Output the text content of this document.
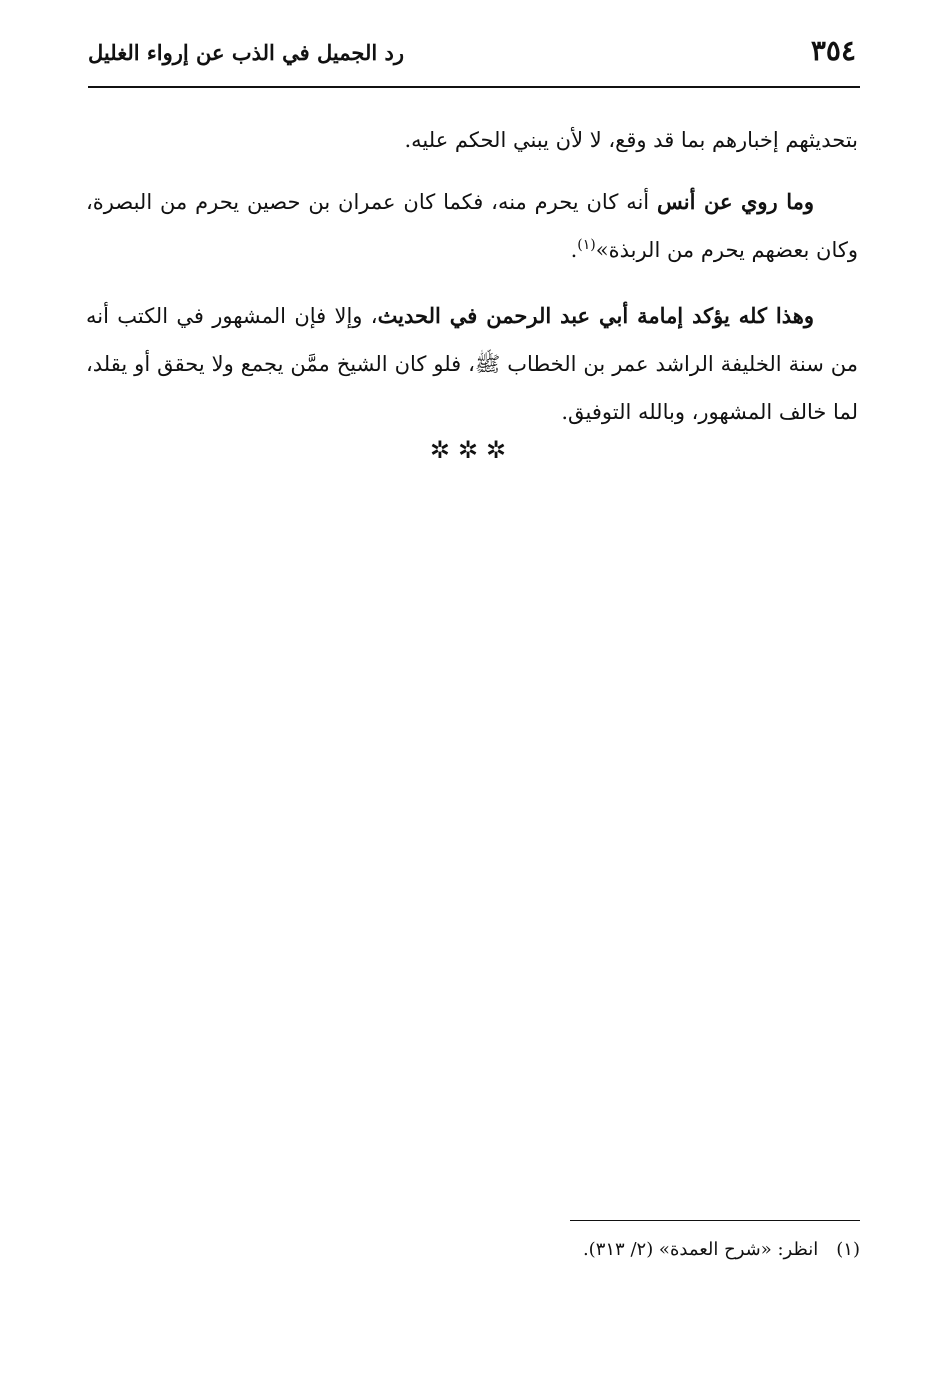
٣٥٤
رد الجميل في الذب عن إرواء الغليل

بتحديثهم إخبارهم بما قد وقع، لا لأن يبني الحكم عليه.

وما روي عن أنس أنه كان يحرم منه، فكما كان عمران بن حصين يحرم من البصرة، وكان بعضهم يحرم من الربذة»$^{(١)}$.

وهذا كله يؤكد إمامة أبي عبد الرحمن في الحديث، وإلا فإن المشهور في الكتب أنه من سنة الخليفة الراشد عمر بن الخطاب ﷺ، فلو كان الشيخ ممَّن يجمع ولا يحقق أو يقلد، لما خالف المشهور، وبالله التوفيق.

✲✲✲
(١)انظر: «شرح العمدة» (٢/ ٣١٣).
